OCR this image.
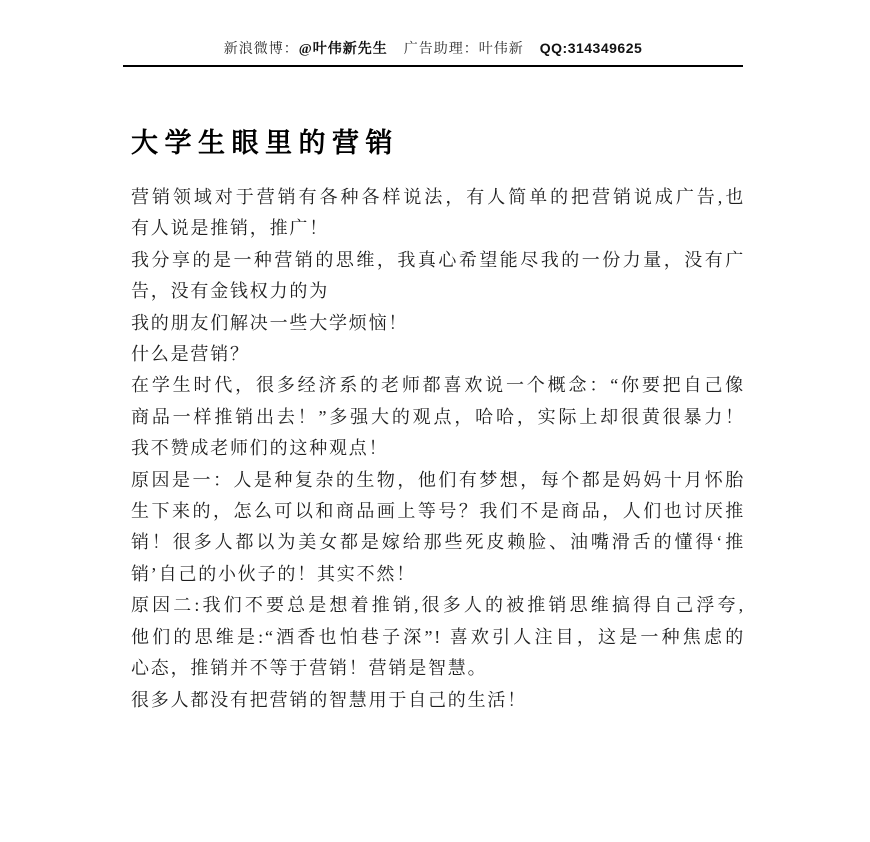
新浪微博：@叶伟新先生 广告助理：叶伟新 QQ:314349625
大学生眼里的营销
营销领域对于营销有各种各样说法，有人简单的把营销说成广告,也
有人说是推销，推广！
我分享的是一种营销的思维，我真心希望能尽我的一份力量，没有广
告，没有金钱权力的为
我的朋友们解决一些大学烦恼！
什么是营销？
在学生时代，很多经济系的老师都喜欢说一个概念：“你要把自己像
商品一样推销出去！”多强大的观点，哈哈，实际上却很黄很暴力！
我不赞成老师们的这种观点！
原因是一：人是种复杂的生物，他们有梦想，每个都是妈妈十月怀胎
生下来的，怎么可以和商品画上等号？我们不是商品，人们也讨厌推
销！很多人都以为美女都是嫁给那些死皮赖脸、油嘴滑舌的懂得‘推
销’自己的小伙子的！其实不然！
原因二:我们不要总是想着推销,很多人的被推销思维搞得自己浮夸,
他们的思维是:“酒香也怕巷子深”! 喜欢引人注目，这是一种焦虑的
心态，推销并不等于营销！营销是智慧。
很多人都没有把营销的智慧用于自己的生活！
